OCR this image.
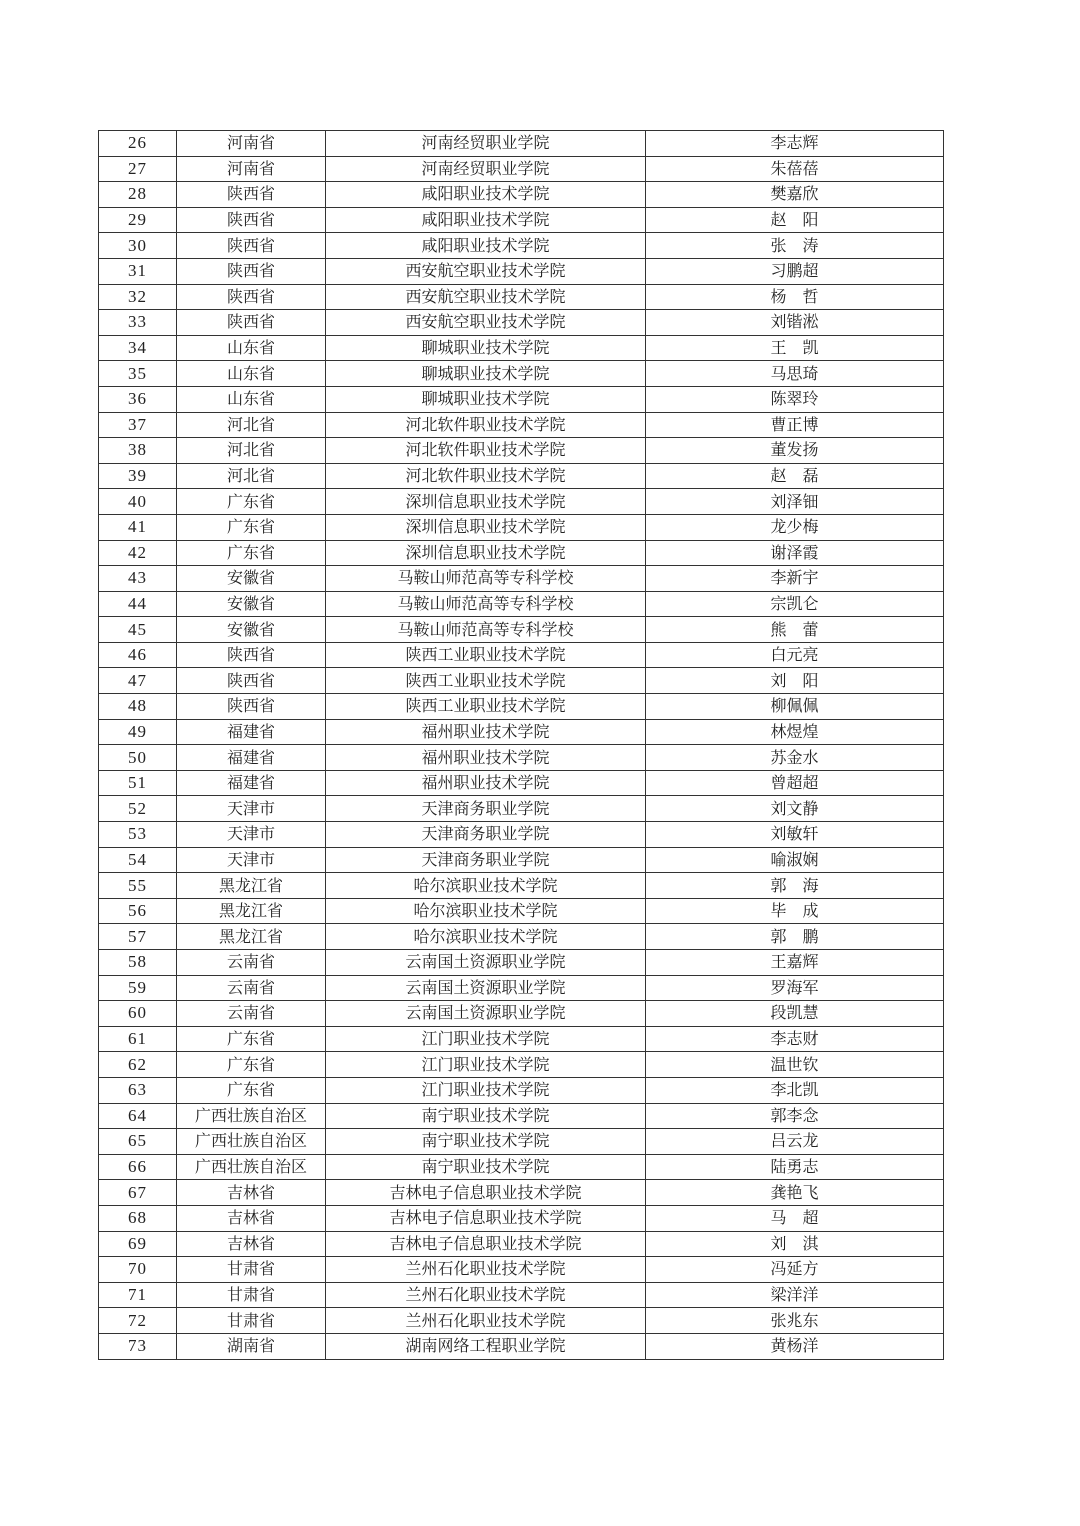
26	河南省	河南经贸职业学院	李志辉
27	河南省	河南经贸职业学院	朱蓓蓓
28	陕西省	咸阳职业技术学院	樊嘉欣
29	陕西省	咸阳职业技术学院	赵　阳
30	陕西省	咸阳职业技术学院	张　涛
31	陕西省	西安航空职业技术学院	习鹏超
32	陕西省	西安航空职业技术学院	杨　哲
33	陕西省	西安航空职业技术学院	刘锴淞
34	山东省	聊城职业技术学院	王　凯
35	山东省	聊城职业技术学院	马思琦
36	山东省	聊城职业技术学院	陈翠玲
37	河北省	河北软件职业技术学院	曹正博
38	河北省	河北软件职业技术学院	董发扬
39	河北省	河北软件职业技术学院	赵　磊
40	广东省	深圳信息职业技术学院	刘泽钿
41	广东省	深圳信息职业技术学院	龙少梅
42	广东省	深圳信息职业技术学院	谢泽霞
43	安徽省	马鞍山师范高等专科学校	李新宇
44	安徽省	马鞍山师范高等专科学校	宗凯仑
45	安徽省	马鞍山师范高等专科学校	熊　蕾
46	陕西省	陕西工业职业技术学院	白元亮
47	陕西省	陕西工业职业技术学院	刘　阳
48	陕西省	陕西工业职业技术学院	柳佩佩
49	福建省	福州职业技术学院	林煜煌
50	福建省	福州职业技术学院	苏金水
51	福建省	福州职业技术学院	曾超超
52	天津市	天津商务职业学院	刘文静
53	天津市	天津商务职业学院	刘敏轩
54	天津市	天津商务职业学院	喻淑娴
55	黑龙江省	哈尔滨职业技术学院	郭　海
56	黑龙江省	哈尔滨职业技术学院	毕　成
57	黑龙江省	哈尔滨职业技术学院	郭　鹏
58	云南省	云南国土资源职业学院	王嘉辉
59	云南省	云南国土资源职业学院	罗海军
60	云南省	云南国土资源职业学院	段凯慧
61	广东省	江门职业技术学院	李志财
62	广东省	江门职业技术学院	温世钦
63	广东省	江门职业技术学院	李北凯
64	广西壮族自治区	南宁职业技术学院	郭李念
65	广西壮族自治区	南宁职业技术学院	吕云龙
66	广西壮族自治区	南宁职业技术学院	陆勇志
67	吉林省	吉林电子信息职业技术学院	龚艳飞
68	吉林省	吉林电子信息职业技术学院	马　超
69	吉林省	吉林电子信息职业技术学院	刘　淇
70	甘肃省	兰州石化职业技术学院	冯延方
71	甘肃省	兰州石化职业技术学院	梁洋洋
72	甘肃省	兰州石化职业技术学院	张兆东
73	湖南省	湖南网络工程职业学院	黄杨洋
